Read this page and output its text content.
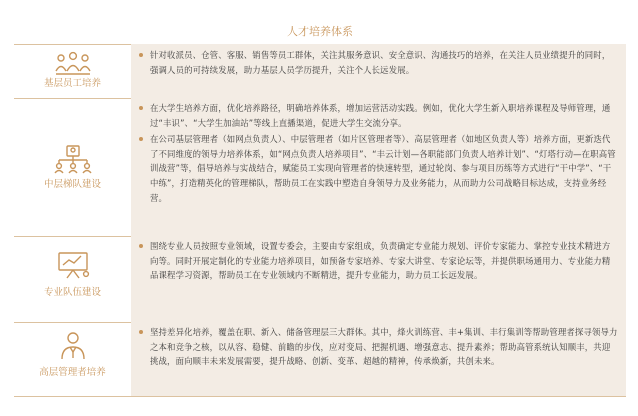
人才培养体系
基层员工培养
针对收派员、仓管、客服、销售等员工群体，关注其服务意识、安全意识、沟通技巧的培养，在关注人员业绩提升的同时，强调人员的可持续发展，助力基层人员学历提升，关注个人长远发展。
中层梯队建设
在大学生培养方面，优化培养路径，明确培养体系，增加运营活动实践。例如，优化大学生新入职培养课程及导师管理，通过“丰识”、“大学生加油站”等线上直播渠道，促进大学生交流分享。
在公司基层管理者（如网点负责人）、中层管理者（如片区管理者等）、高层管理者（如地区负责人等）培养方面，更新迭代了不同维度的领导力培养体系，如“网点负责人培养项目”、“丰云计划—各职能部门负责人培养计划”、“灯塔行动—在职高管训战营”等，倡导培养与实战结合，赋能员工实现向管理者的快速转型，通过轮岗、参与项目历练等方式进行“干中学”、“干中练”，打造精英化的管理梯队，帮助员工在实践中塑造自身领导力及业务能力，从而助力公司战略目标达成，支持业务经营。
专业队伍建设
围绕专业人员按照专业领域，设置专委会，主要由专家组成，负责确定专业能力规划、评价专家能力、掌控专业技术精进方向等。同时开展定制化的专业能力培养项目，如预备专家培养、专家大讲堂、专家论坛等，并提供职场通用力、专业能力精品课程学习资源，帮助员工在专业领域内不断精进，提升专业能力，助力员工长远发展。
高层管理者培养
坚持差异化培养，覆盖在职、新入、储备管理层三大群体。其中，烽火训练营、丰+集训、丰行集训等帮助管理者探寻领导力之本和竞争之核，以从容、稳健、前瞻的步伐，应对变局、把握机遇、增强意志、提升素养；帮助高管系统认知顺丰，共迎挑战，面向顺丰未来发展需要，提升战略、创新、变革、超越的精神，传承焕新，共创未来。
